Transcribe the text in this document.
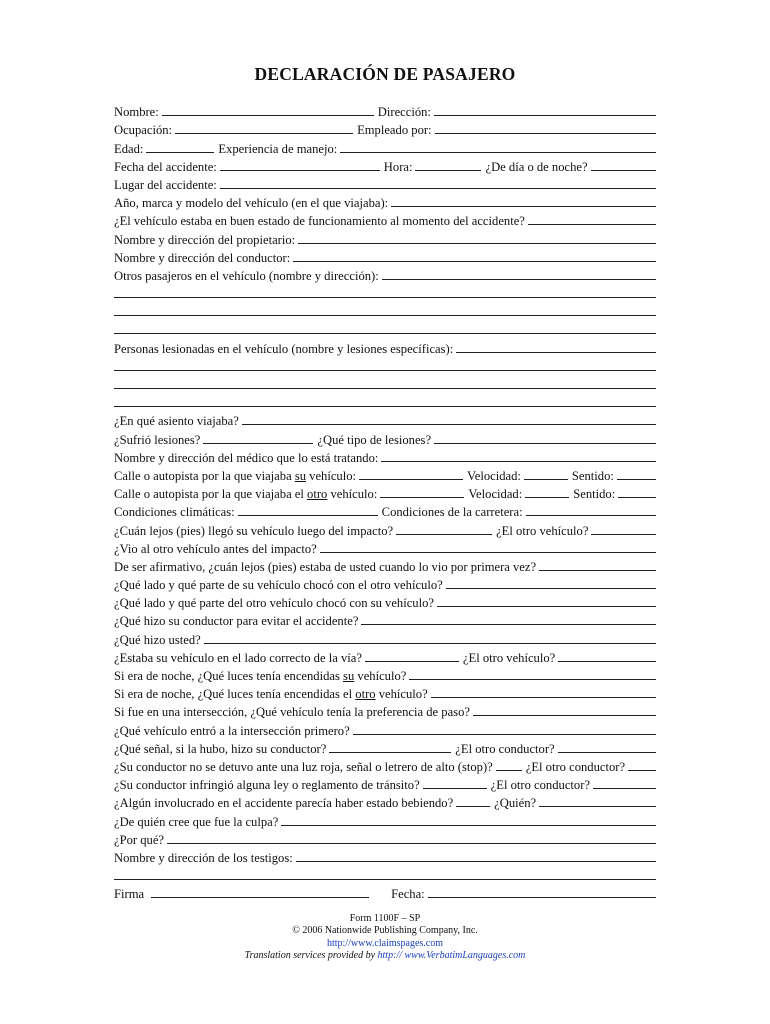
DECLARACIÓN DE PASAJERO
Nombre:	Dirección:
Ocupación:	Empleado por:
Edad:	Experiencia de manejo:
Fecha del accidente:	Hora:	¿De día o de noche?
Lugar del accidente:
Año, marca y modelo del vehículo (en el que viajaba):
¿El vehículo estaba en buen estado de funcionamiento al momento del accidente?
Nombre y dirección del propietario:
Nombre y dirección del conductor:
Otros pasajeros en el vehículo (nombre y dirección):
Personas lesionadas en el vehículo (nombre y lesiones específicas):
¿En qué asiento viajaba?
¿Sufrió lesiones?	¿Qué tipo de lesiones?
Nombre y dirección del médico que lo está tratando:
Calle o autopista por la que viajaba su vehículo:	Velocidad:	Sentido:
Calle o autopista por la que viajaba el otro vehículo:	Velocidad:	Sentido:
Condiciones climáticas:	Condiciones de la carretera:
¿Cuán lejos (pies) llegó su vehículo luego del impacto?	¿El otro vehículo?
¿Vio al otro vehículo antes del impacto?
De ser afirmativo, ¿cuán lejos (pies) estaba de usted cuando lo vio por primera vez?
¿Qué lado y qué parte de su vehículo chocó con el otro vehículo?
¿Qué lado y qué parte del otro vehículo chocó con su vehículo?
¿Qué hizo su conductor para evitar el accidente?
¿Qué hizo usted?
¿Estaba su vehículo en el lado correcto de la vía?	¿El otro vehículo?
Si era de noche, ¿Qué luces tenía encendidas su vehículo?
Si era de noche, ¿Qué luces tenía encendidas el otro vehículo?
Si fue en una intersección, ¿Qué vehículo tenía la preferencia de paso?
¿Qué vehículo entró a la intersección primero?
¿Qué señal, si la hubo, hizo su conductor?	¿El otro conductor?
¿Su conductor no se detuvo ante una luz roja, señal o letrero de alto (stop)?	¿El otro conductor?
¿Su conductor infringió alguna ley o reglamento de tránsito?	¿El otro conductor?
¿Algún involucrado en el accidente parecía haber estado bebiendo?	¿Quién?
¿De quién cree que fue la culpa?
¿Por qué?
Nombre y dirección de los testigos:
Firma	Fecha:
Form 1100F – SP
© 2006 Nationwide Publishing Company, Inc.
http://www.claimspages.com
Translation services provided by http:// www.VerbatimLanguages.com
